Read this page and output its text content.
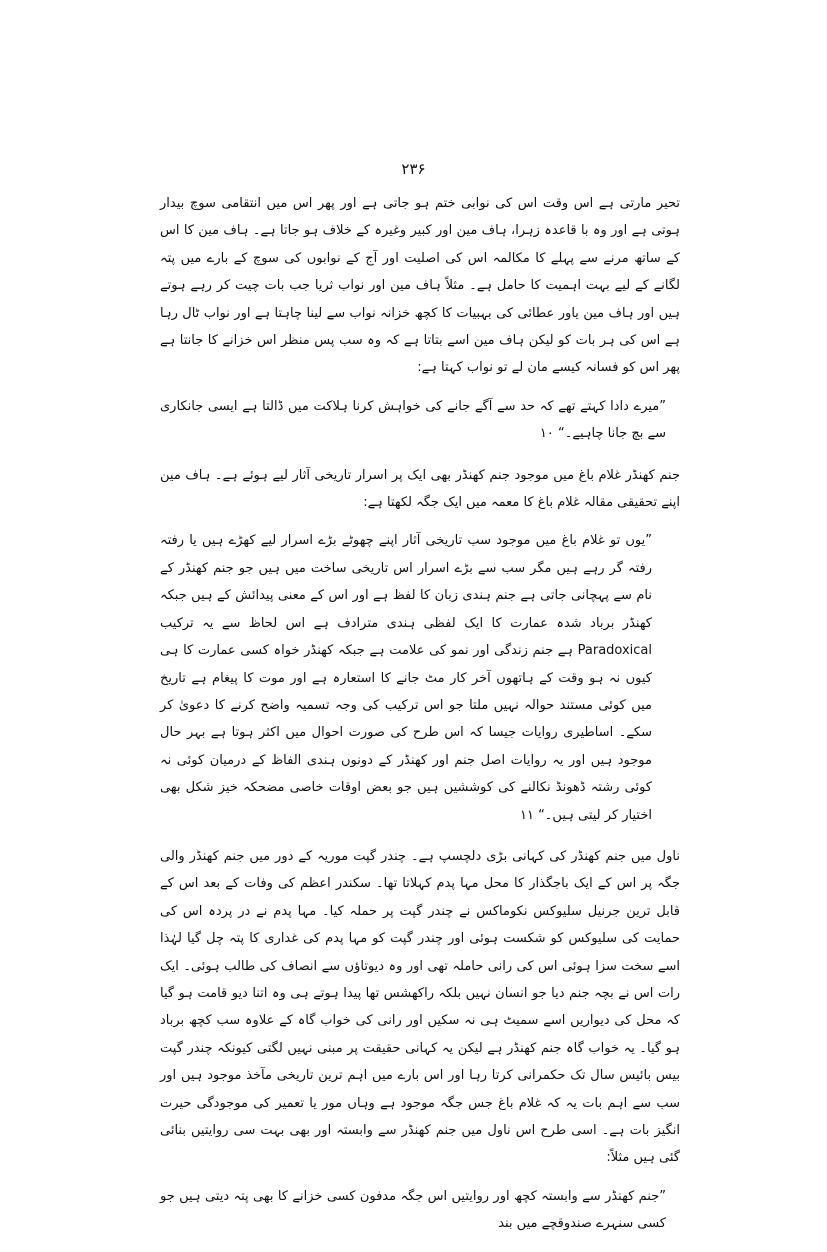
۲۳۶

تحیر مارتی ہے اس وقت اس کی نوابی ختم ہو جاتی ہے اور پھر اس میں انتقامی سوچ بیدار ہوتی ہے اور وہ با قاعدہ زہرا، ہاف مین اور کبیر وغیرہ کے خلاف ہو جاتا ہے۔ ہاف مین کا اس کے ساتھ مرنے سے پہلے کا مکالمہ اس کی اصلیت اور آج کے نوابوں کی سوچ کے بارے میں پتہ لگانے کے لیے بہت اہمیت کا حامل ہے۔ مثلاً ہاف مین اور نواب ثریا جب بات چیت کر رہے ہوتے ہیں اور ہاف مین یاور عطائی کی بہبیات کا کچھ خزانہ نواب سے لینا چاہتا ہے اور نواب ٹال رہا ہے اس کی ہر بات کو لیکن ہاف مین اسے بتاتا ہے کہ وہ سب پس منظر اس خزانے کا جانتا ہے پھر اس کو فسانہ کیسے مان لے تو نواب کہتا ہے:

”میرے دادا کہتے تھے کہ حد سے آگے جانے کی خواہش کرنا ہلاکت میں ڈالتا ہے ایسی جانکاری سے بچ جانا چاہیے۔“ ۱۰

جنم کھنڈر غلام باغ میں موجود جنم کھنڈر بھی ایک پر اسرار تاریخی آثار لیے ہوئے ہے۔ ہاف مین اپنے تحقیقی مقالہ غلام باغ کا معمہ میں ایک جگہ لکھتا ہے:

”یوں تو غلام باغ میں موجود سب تاریخی آثار اپنے چھوٹے بڑے اسرار لیے کھڑے ہیں یا رفتہ رفتہ گر رہے ہیں مگر سب سے بڑے اسرار اس تاریخی ساخت میں ہیں جو جنم کھنڈر کے نام سے پہچانی جاتی ہے جنم ہندی زبان کا لفظ ہے اور اس کے معنی پیدائش کے ہیں جبکہ کھنڈر برباد شدہ عمارت کا ایک لفظی ہندی مترادف ہے اس لحاظ سے یہ ترکیب Paradoxical ہے جنم زندگی اور نمو کی علامت ہے جبکہ کھنڈر خواہ کسی عمارت کا ہی کیوں نہ ہو وقت کے ہاتھوں آخر کار مٹ جانے کا استعارہ ہے اور موت کا پیغام ہے تاریخ میں کوئی مستند حوالہ نہیں ملتا جو اس ترکیب کی وجہ تسمیہ واضح کرنے کا دعویٰ کر سکے۔ اساطیری روایات جیسا کہ اس طرح کی صورت احوال میں اکثر ہوتا ہے بہر حال موجود ہیں اور یہ روایات اصل جنم اور کھنڈر کے دونوں ہندی الفاظ کے درمیان کوئی نہ کوئی رشتہ ڈھونڈ نکالنے کی کوششیں ہیں جو بعض اوقات خاصی مضحکہ خیز شکل بھی اختیار کر لیتی ہیں۔“ ۱۱

ناول میں جنم کھنڈر کی کہانی بڑی دلچسپ ہے۔ چندر گپت موریہ کے دور میں جنم کھنڈر والی جگہ پر اس کے ایک باجگذار کا محل مہا پدم کہلاتا تھا۔ سکندر اعظم کی وفات کے بعد اس کے قابل ترین جرنیل سلیوکس نکوماکس نے چندر گپت پر حملہ کیا۔ مہا پدم نے در پردہ اس کی حمایت کی سلیوکس کو شکست ہوئی اور چندر گپت کو مہا پدم کی غداری کا پتہ چل گیا لہٰذا اسے سخت سزا ہوئی اس کی رانی حاملہ تھی اور وہ دیوتاؤں سے انصاف کی طالب ہوئی۔ ایک رات اس نے بچہ جنم دیا جو انسان نہیں بلکہ راکھشس تھا پیدا ہوتے ہی وہ اتنا دیو قامت ہو گیا کہ محل کی دیواریں اسے سمیٹ ہی نہ سکیں اور رانی کی خواب گاہ کے علاوہ سب کچھ برباد ہو گیا۔ یہ خواب گاہ جنم کھنڈر ہے لیکن یہ کہانی حقیقت پر مبنی نہیں لگتی کیونکہ چندر گپت بیس بائیس سال تک حکمرانی کرتا رہا اور اس بارے میں اہم ترین تاریخی مآخذ موجود ہیں اور سب سے اہم بات یہ کہ غلام باغ جس جگہ موجود ہے وہاں مور یا تعمیر کی موجودگی حیرت انگیز بات ہے۔ اسی طرح اس ناول میں جنم کھنڈر سے وابستہ اور بھی بہت سی روایتیں بنائی گئی ہیں مثلاً:

”جنم کھنڈر سے وابستہ کچھ اور روایتیں اس جگہ مدفون کسی خزانے کا بھی پتہ دیتی ہیں جو کسی سنہرے صندوقچے میں بند
